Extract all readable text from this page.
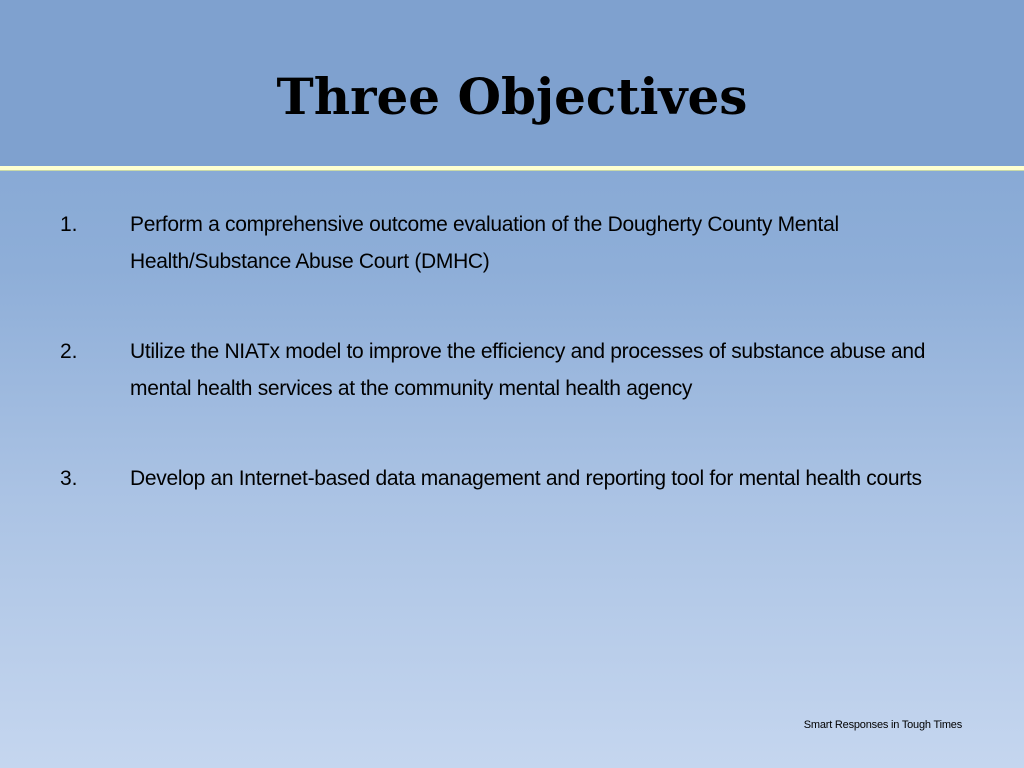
Three Objectives
1. Perform a comprehensive outcome evaluation of the Dougherty County Mental Health/Substance Abuse Court (DMHC)
2. Utilize the NIATx model to improve the efficiency and processes of substance abuse and mental health services at the community mental health agency
3. Develop an Internet-based data management and reporting tool for mental health courts
Smart Responses in Tough Times
